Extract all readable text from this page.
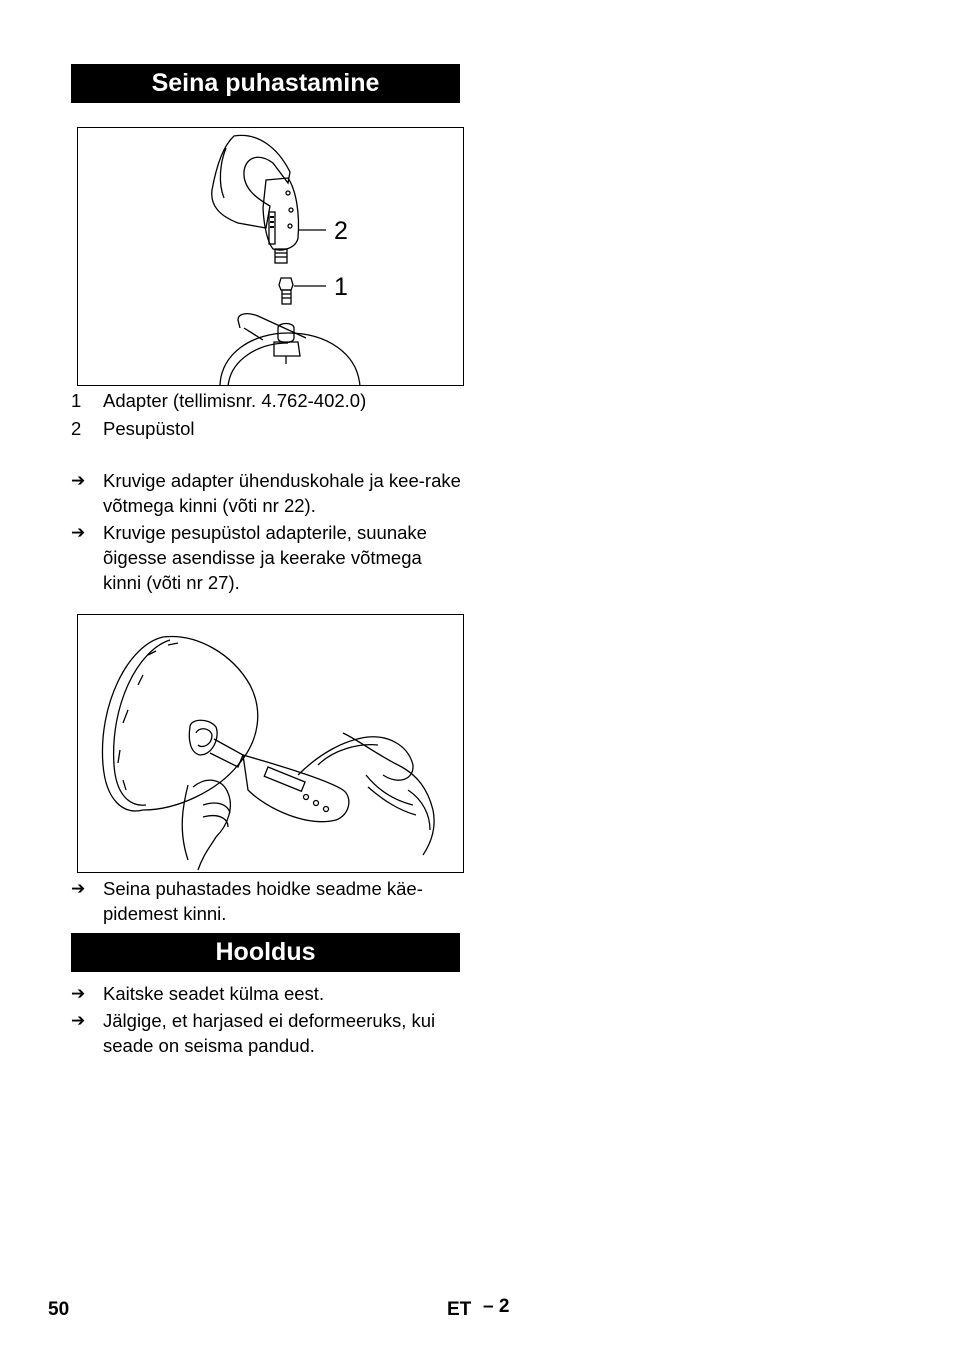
Seina puhastamine
2
1
1 Adapter (tellimisnr. 4.762-402.0)
2 Pesupüstol
➔ Kruvige adapter ühenduskohale ja kee-rake võtmega kinni (võti nr 22).
➔ Kruvige pesupüstol adapterile, suunake õigesse asendisse ja keerake võtmega kinni (võti nr 27).
➔ Seina puhastades hoidke seadme käe-pidemest kinni.
Hooldus
➔ Kaitske seadet külma eest.
➔ Jälgige, et harjased ei deformeeruks, kui seade on seisma pandud.
50	ET – 2
